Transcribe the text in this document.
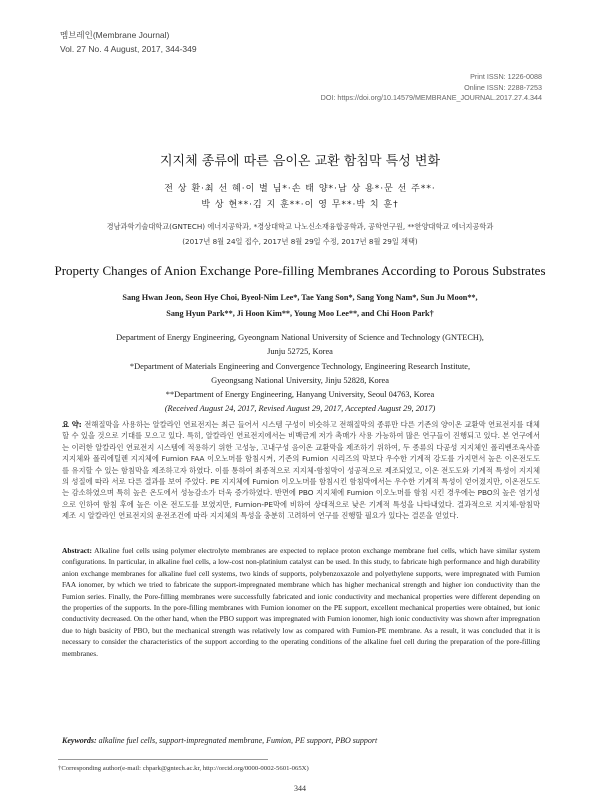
멤브레인(Membrane Journal)
Vol. 27 No. 4 August, 2017, 344-349
Print ISSN: 1226-0088
Online ISSN: 2288-7253
DOI: https://doi.org/10.14579/MEMBRANE_JOURNAL.2017.27.4.344
지지체 종류에 따른 음이온 교환 함침막 특성 변화
전 상 환·최 선 혜·이 별 님*·손 태 양*·남 상 용*·문 선 주**·
박 상 현**·김 지 훈**·이 영 무**·박 치 훈†
경남과학기술대학교(GNTECH) 에너지공학과, *경상대학교 나노신소재융합공학과, 공학연구원, **한양대학교 에너지공학과
(2017년 8월 24일 접수, 2017년 8월 29일 수정, 2017년 8월 29일 채택)
Property Changes of Anion Exchange Pore-filling Membranes According to Porous Substrates
Sang Hwan Jeon, Seon Hye Choi, Byeol-Nim Lee*, Tae Yang Son*, Sang Yong Nam*, Sun Ju Moon**,
Sang Hyun Park**, Ji Hoon Kim**, Young Moo Lee**, and Chi Hoon Park†
Department of Energy Engineering, Gyeongnam National University of Science and Technology (GNTECH),
Junju 52725, Korea
*Department of Materials Engineering and Convergence Technology, Engineering Research Institute,
Gyeongsang National University, Jinju 52828, Korea
**Department of Energy Engineering, Hanyang University, Seoul 04763, Korea
(Received August 24, 2017, Revised August 29, 2017, Accepted August 29, 2017)
요 약: 전해질막을 사용하는 알칼라인 연료전지는 최근 들어서 시스템 구성이 비슷하고 전해질막의 종류만 다른 기존의 양이온 교환막 연료전지를 대체할 수 있을 것으로 기대를 모으고 있다. 특히, 알칼라인 연료전지에서는 비백금계 저가 촉매가 사용 가능하여 많은 연구들이 진행되고 있다. 본 연구에서는 이러한 알칼라인 연료전지 시스템에 적용하기 위한 고성능, 고내구성 음이온 교환막을 제조하기 위하여, 두 종류의 다공성 지지체인 폴리벤조옥사졸 지지체와 폴리에틸렌 지지체에 Fumion FAA 이오노머를 함침시켜, 기존의 Fumion 시리즈의 막보다 우수한 기계적 강도를 가지면서 높은 이온전도도를 유지할 수 있는 함침막을 제조하고자 하였다. 이를 통하여 최종적으로 지지체-함침막이 성공적으로 제조되었고, 이온 전도도와 기계적 특성이 지지체의 성질에 따라 서로 다른 결과를 보여 주었다. PE 지지체에 Fumion 이오노머를 함침시킨 함침막에서는 우수한 기계적 특성이 얻어졌지만, 이온전도도는 감소하였으며 특히 높은 온도에서 성능감소가 더욱 증가하였다. 반면에 PBO 지지체에 Fumion 이오노머를 함침 시킨 경우에는 PBO의 높은 염기성으로 인하여 함침 후에 높은 이온 전도도를 보였지만, Fumion-PE막에 비하여 상대적으로 낮은 기계적 특성을 나타내었다. 결과적으로 지지체-함침막 제조 시 알칼라인 연료전지의 운전조건에 따라 지지체의 특성을 충분히 고려하여 연구를 진행할 필요가 있다는 결론을 얻었다.
Abstract: Alkaline fuel cells using polymer electrolyte membranes are expected to replace proton exchange membrane fuel cells, which have similar system configurations. In particular, in alkaline fuel cells, a low-cost non-platinium catalyst can be used. In this study, to fabricate high performance and high durability anion exchange membranes for alkaline fuel cell systems, two kinds of supports, polybenzoxazole and polyethylene supports, were impregnated with Fumion FAA ionomer, by which we tried to fabricate the support-impregnated membrane which has higher mechanical strength and higher ion conductivity than the Fumion series. Finally, the Pore-filling membranes were successfully fabricated and ionic conductivity and mechanical properties were different depending on the properties of the supports. In the pore-filling membranes with Fumion ionomer on the PE support, excellent mechanical properties were obtained, but ionic conductivity decreased. On the other hand, when the PBO support was impregnated with Fumion ionomer, high ionic conductivity was shown after impregnation due to high basicity of PBO, but the mechanical strength was relatively low as compared with Fumion-PE membrane. As a result, it was concluded that it is necessary to consider the characteristics of the support according to the operating conditions of the alkaline fuel cell during the preparation of the pore-filling membranes.
Keywords: alkaline fuel cells, support-impregnated membrane, Fumion, PE support, PBO support
†Corresponding author(e-mail: chpark@gntech.ac.kr, http://orcid.org/0000-0002-5601-065X)
344
